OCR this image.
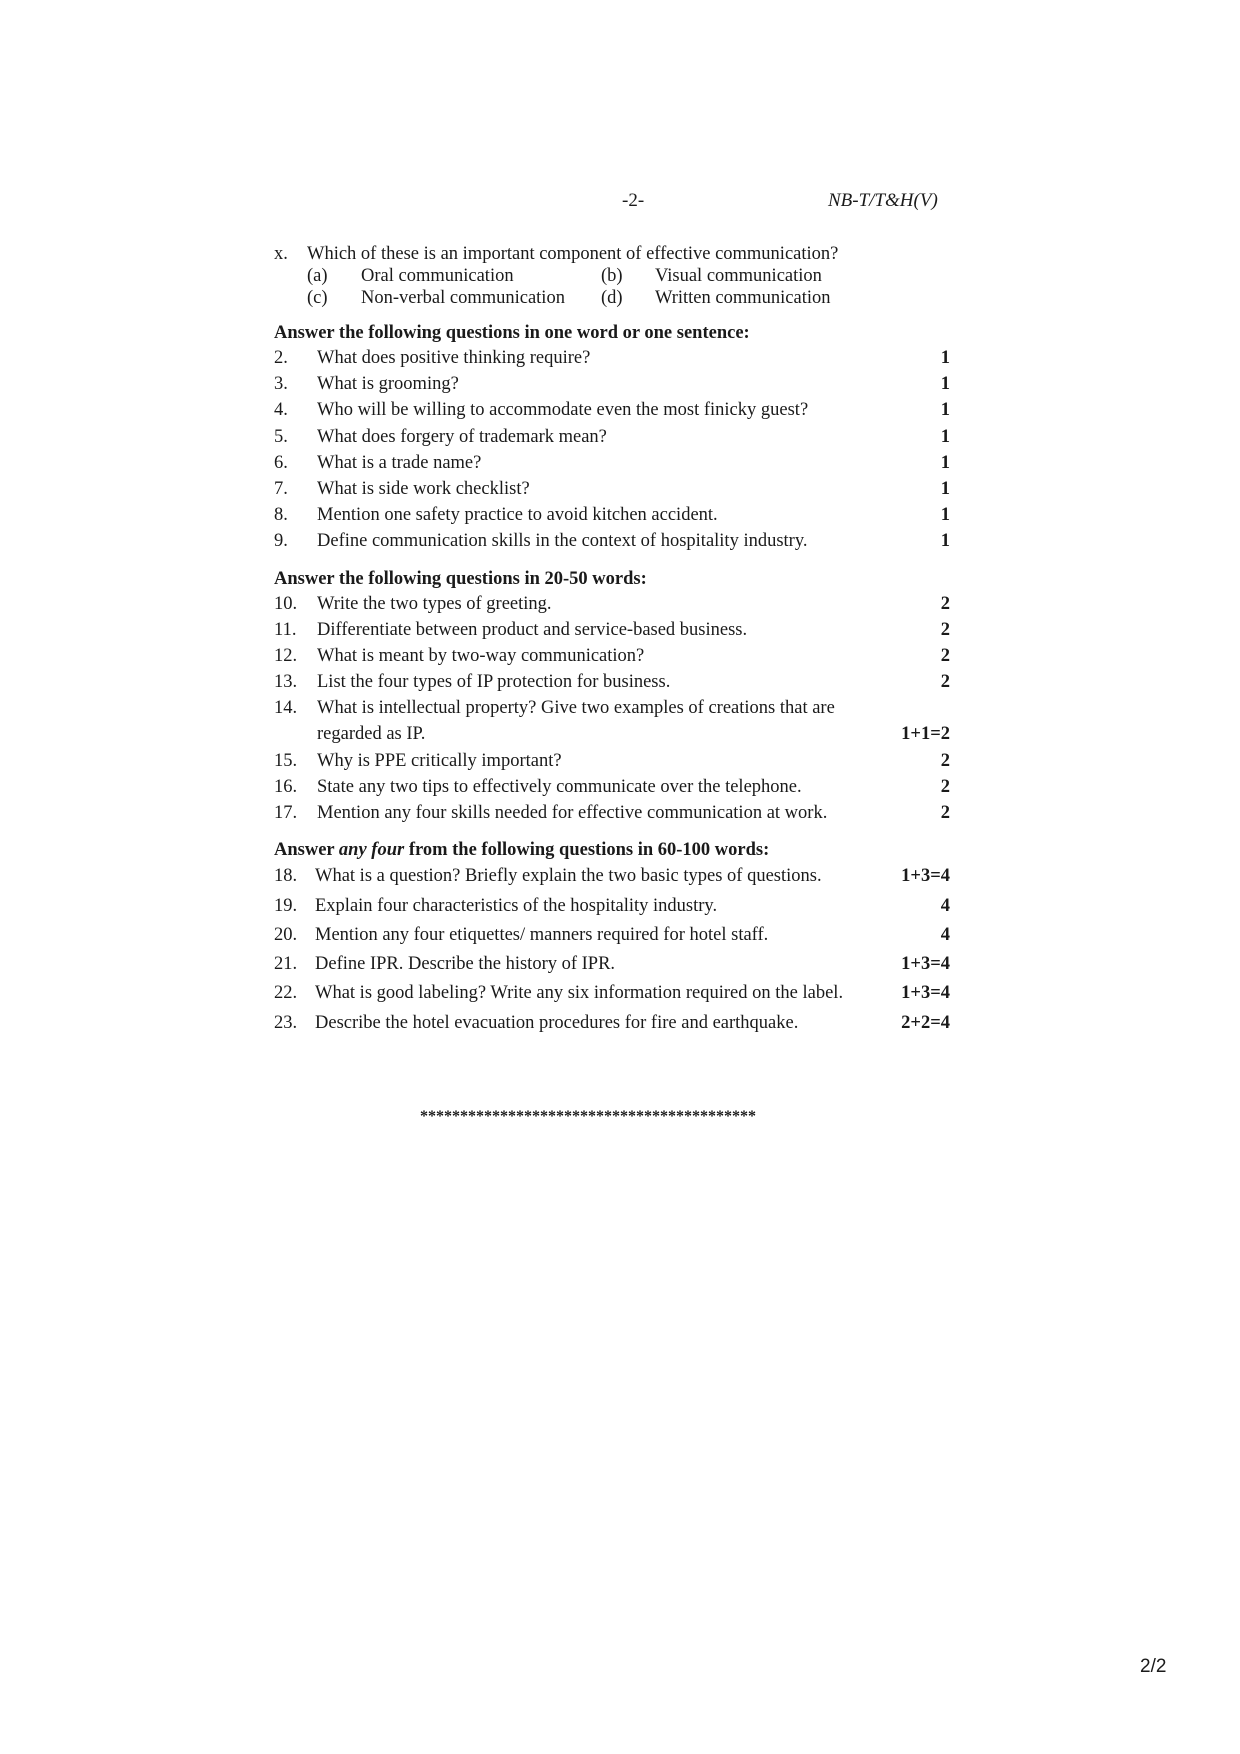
-2-	NB-T/T&H(V)
x. Which of these is an important component of effective communication?
(a) Oral communication	(b) Visual communication
(c) Non-verbal communication (d) Written communication
Answer the following questions in one word or one sentence:
2. What does positive thinking require?	1
3. What is grooming?	1
4. Who will be willing to accommodate even the most finicky guest?	1
5. What does forgery of trademark mean?	1
6. What is a trade name?	1
7. What is side work checklist?	1
8. Mention one safety practice to avoid kitchen accident.	1
9. Define communication skills in the context of hospitality industry.	1
Answer the following questions in 20-50 words:
10. Write the two types of greeting.	2
11. Differentiate between product and service-based business.	2
12. What is meant by two-way communication?	2
13. List the four types of IP protection for business.	2
14. What is intellectual property? Give two examples of creations that are regarded as IP.	1+1=2
15. Why is PPE critically important?	2
16. State any two tips to effectively communicate over the telephone.	2
17. Mention any four skills needed for effective communication at work.	2
Answer any four from the following questions in 60-100 words:
18. What is a question? Briefly explain the two basic types of questions.	1+3=4
19. Explain four characteristics of the hospitality industry.	4
20. Mention any four etiquettes/ manners required for hotel staff.	4
21. Define IPR. Describe the history of IPR.	1+3=4
22. What is good labeling? Write any six information required on the label.	1+3=4
23. Describe the hotel evacuation procedures for fire and earthquake.	2+2=4
******************************************
2/2
